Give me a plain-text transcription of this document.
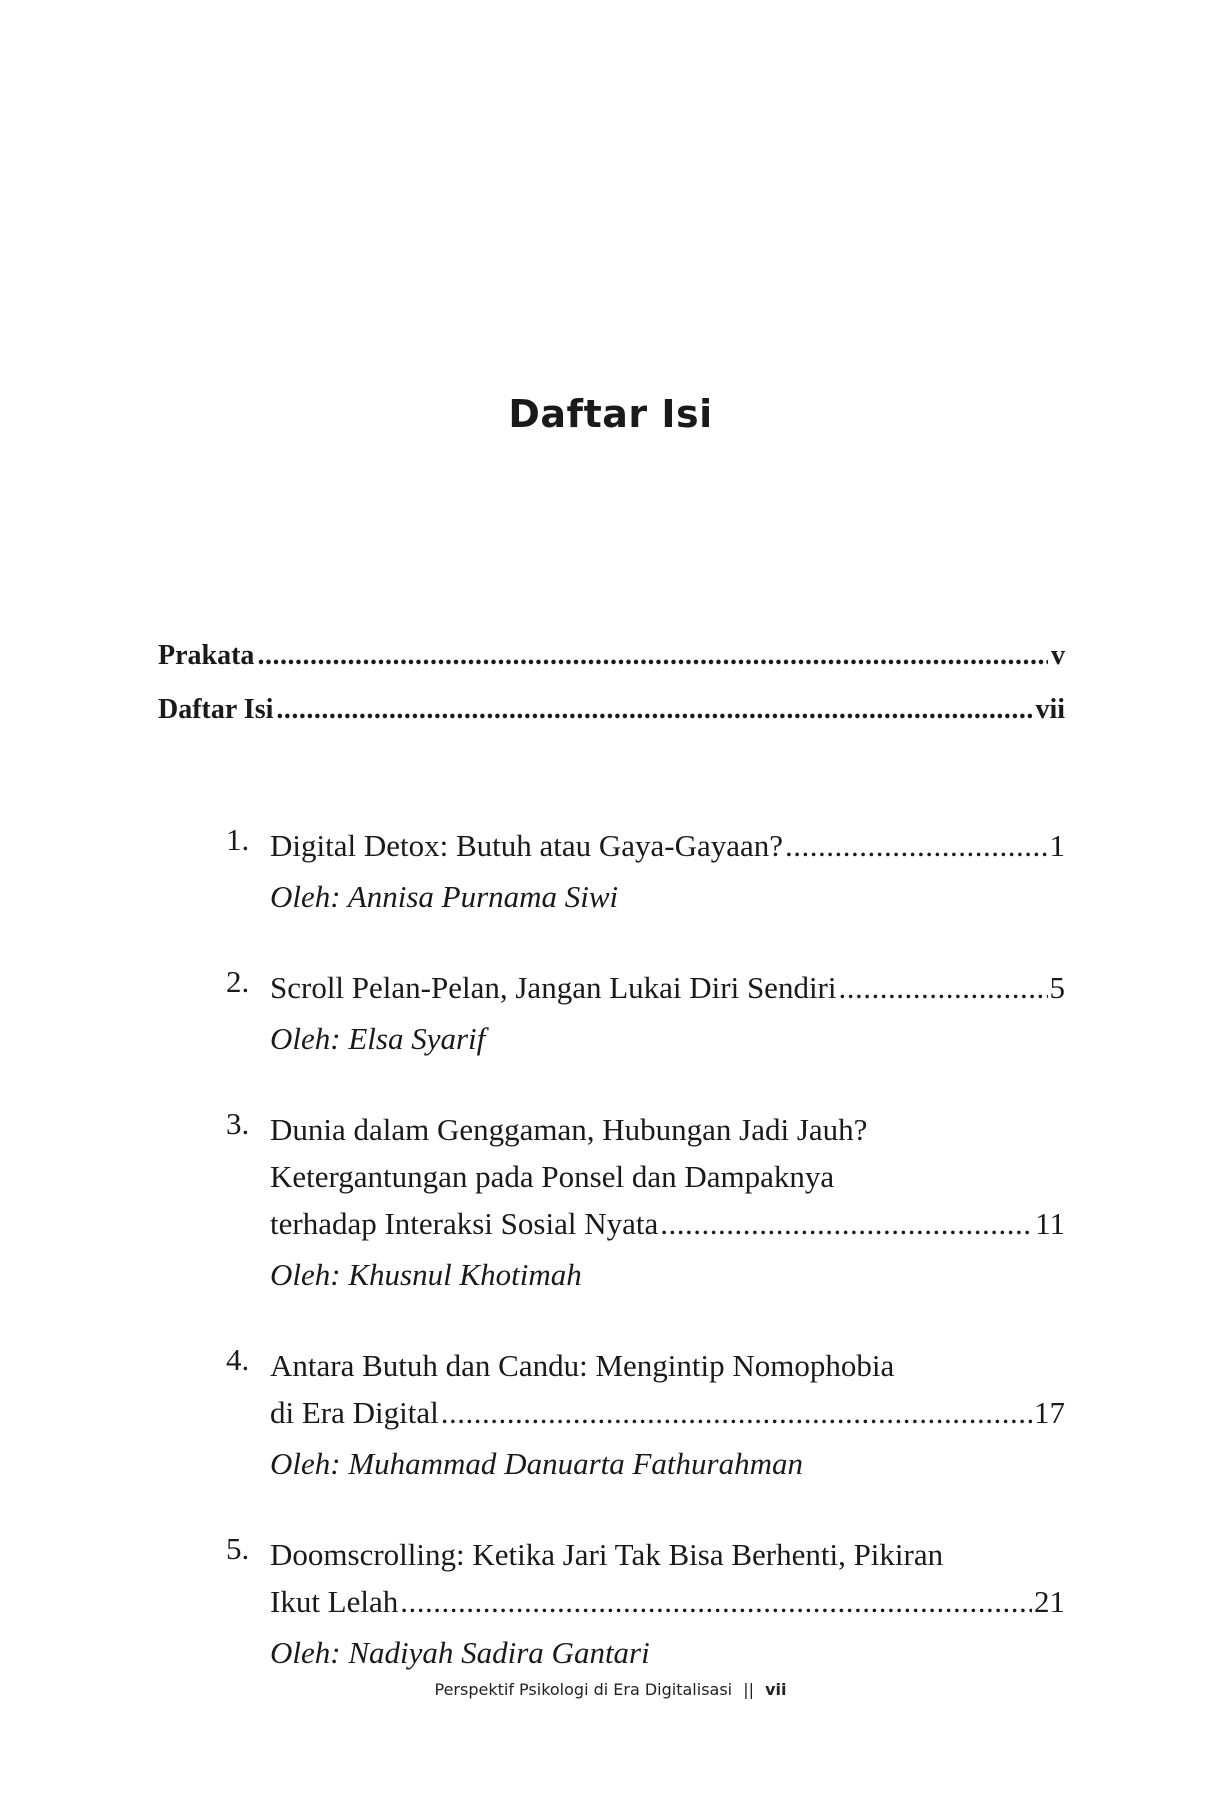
Daftar Isi
Prakata .....	v
Daftar Isi .....	vii
1. Digital Detox: Butuh atau Gaya-Gayaan? .....	1
Oleh: Annisa Purnama Siwi
2. Scroll Pelan-Pelan, Jangan Lukai Diri Sendiri .....	5
Oleh: Elsa Syarif
3. Dunia dalam Genggaman, Hubungan Jadi Jauh?
Ketergantungan pada Ponsel dan Dampaknya
terhadap Interaksi Sosial Nyata .....	11
Oleh: Khusnul Khotimah
4. Antara Butuh dan Candu: Mengintip Nomophobia
di Era Digital .....	17
Oleh: Muhammad Danuarta Fathurahman
5. Doomscrolling: Ketika Jari Tak Bisa Berhenti, Pikiran
Ikut Lelah .....	21
Oleh: Nadiyah Sadira Gantari
Perspektif Psikologi di Era Digitalisasi || vii
